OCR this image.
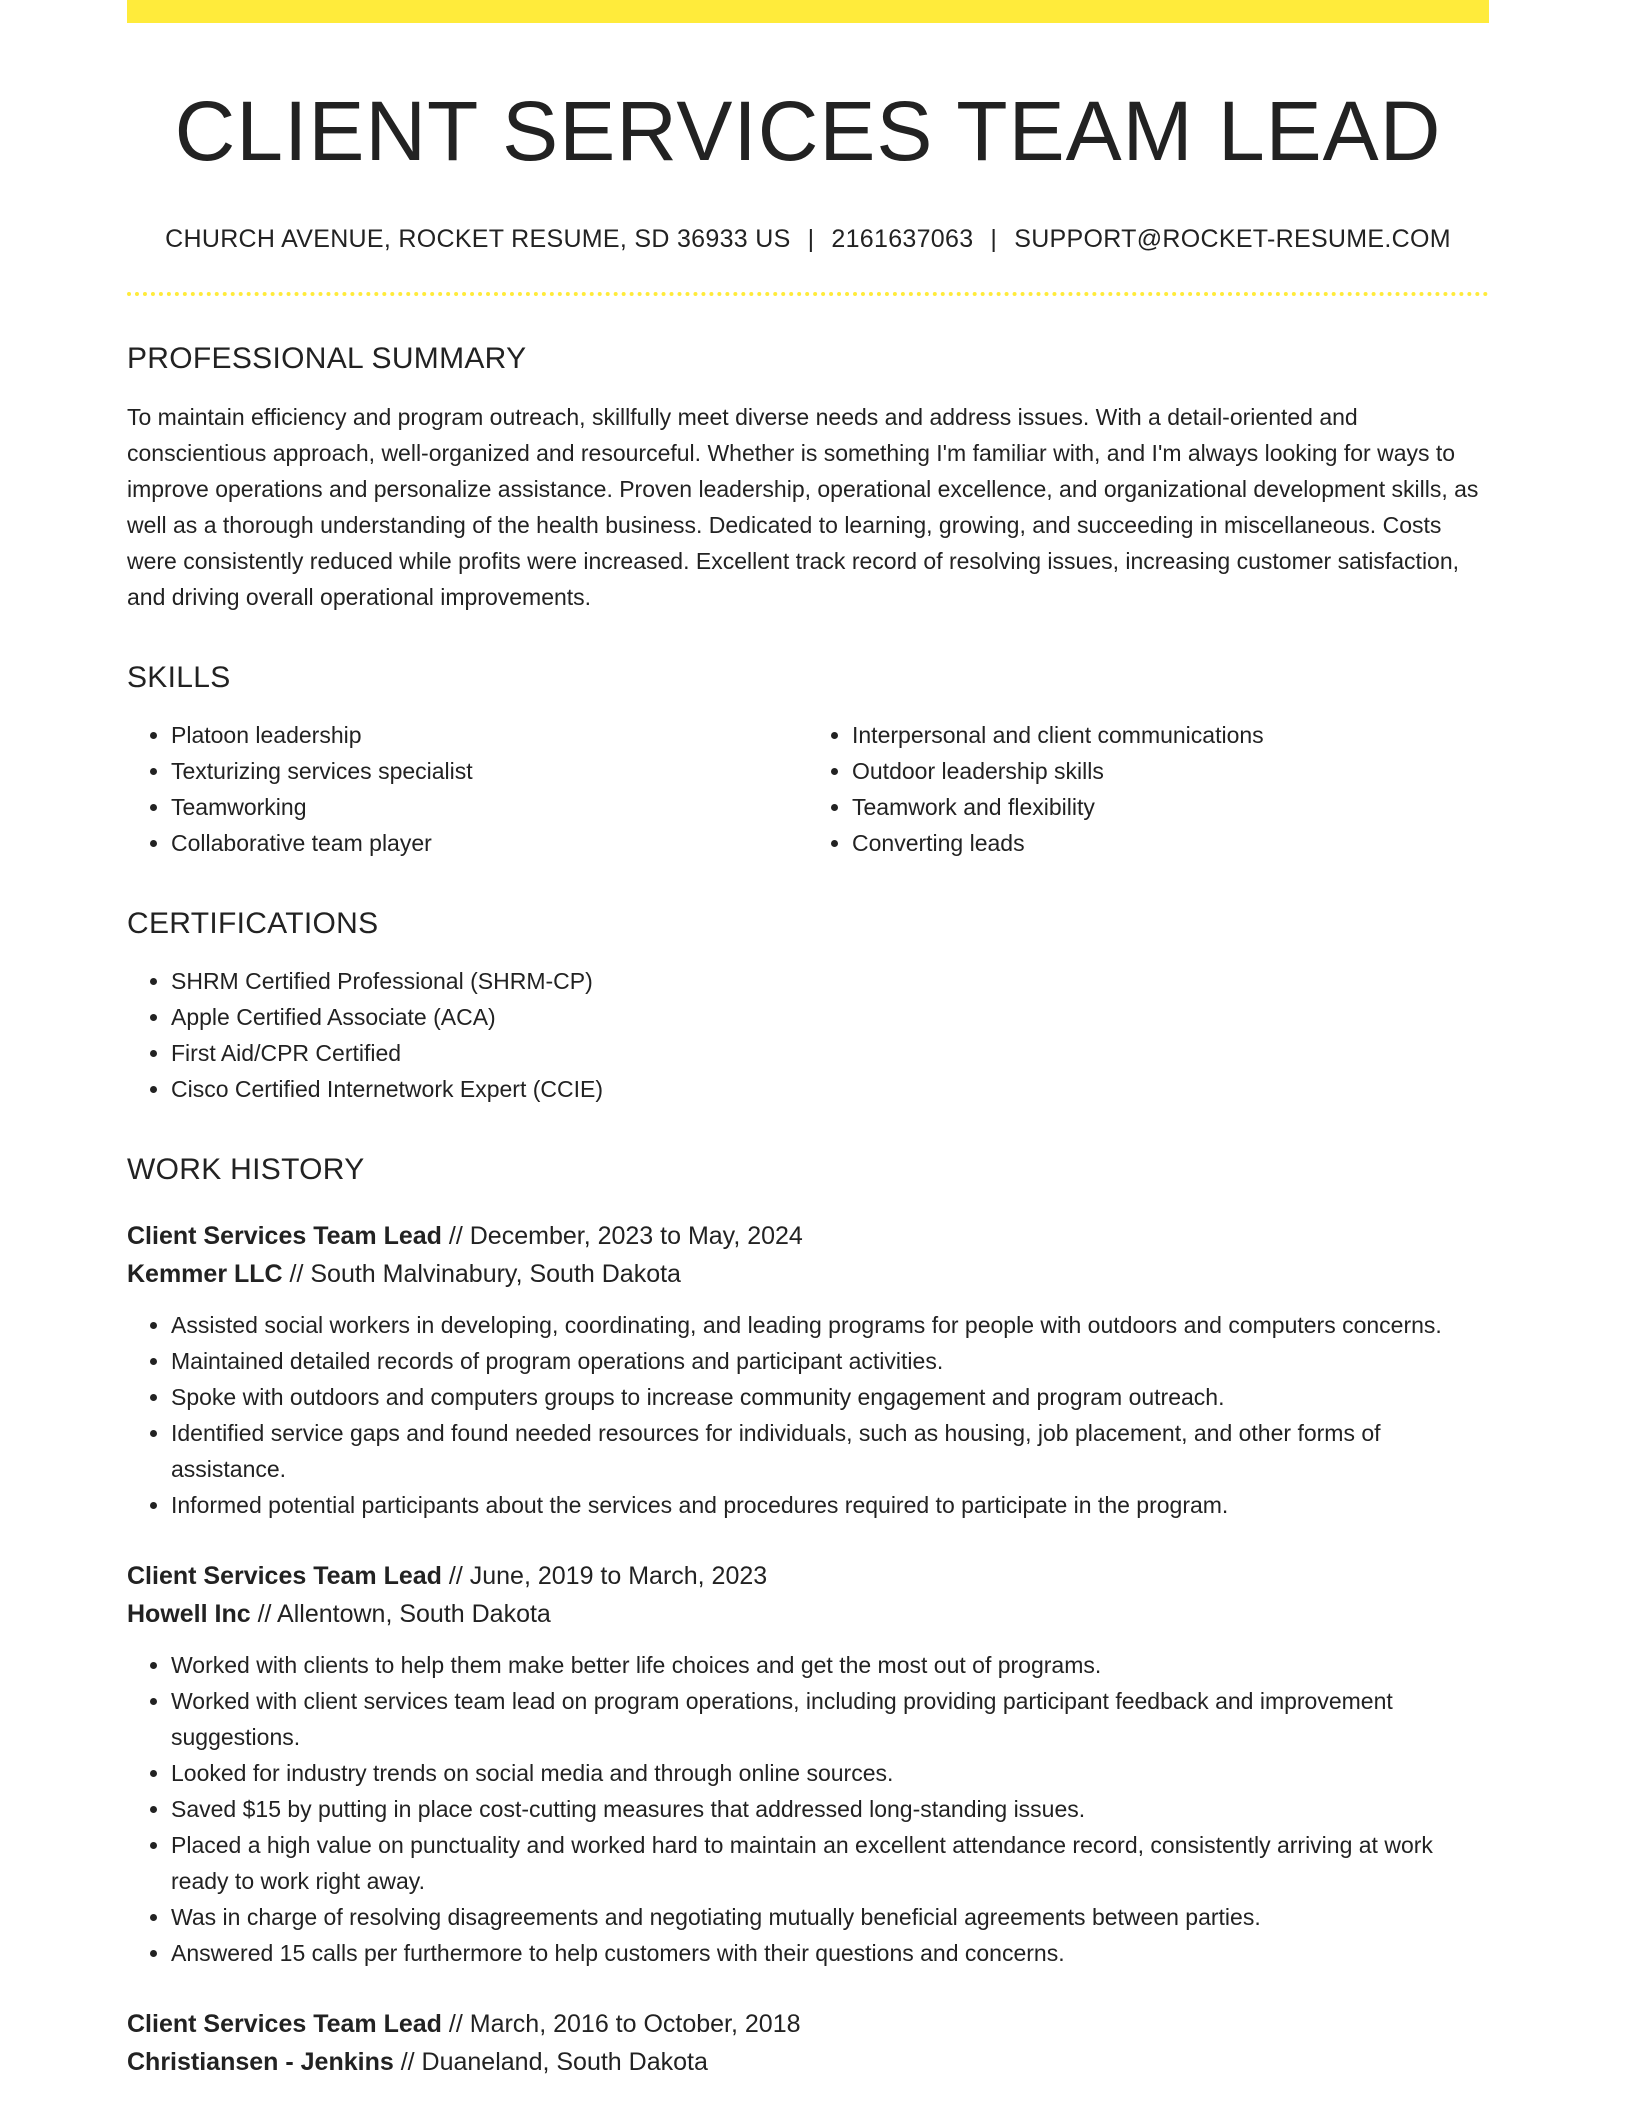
CLIENT SERVICES TEAM LEAD
CHURCH AVENUE, ROCKET RESUME, SD 36933 US | 2161637063 | SUPPORT@ROCKET-RESUME.COM
PROFESSIONAL SUMMARY
To maintain efficiency and program outreach, skillfully meet diverse needs and address issues. With a detail-oriented and conscientious approach, well-organized and resourceful. Whether is something I'm familiar with, and I'm always looking for ways to improve operations and personalize assistance. Proven leadership, operational excellence, and organizational development skills, as well as a thorough understanding of the health business. Dedicated to learning, growing, and succeeding in miscellaneous. Costs were consistently reduced while profits were increased. Excellent track record of resolving issues, increasing customer satisfaction, and driving overall operational improvements.
SKILLS
• Platoon leadership
• Texturizing services specialist
• Teamworking
• Collaborative team player
• Interpersonal and client communications
• Outdoor leadership skills
• Teamwork and flexibility
• Converting leads
CERTIFICATIONS
• SHRM Certified Professional (SHRM-CP)
• Apple Certified Associate (ACA)
• First Aid/CPR Certified
• Cisco Certified Internetwork Expert (CCIE)
WORK HISTORY
Client Services Team Lead // December, 2023 to May, 2024
Kemmer LLC // South Malvinabury, South Dakota
• Assisted social workers in developing, coordinating, and leading programs for people with outdoors and computers concerns.
• Maintained detailed records of program operations and participant activities.
• Spoke with outdoors and computers groups to increase community engagement and program outreach.
• Identified service gaps and found needed resources for individuals, such as housing, job placement, and other forms of assistance.
• Informed potential participants about the services and procedures required to participate in the program.
Client Services Team Lead // June, 2019 to March, 2023
Howell Inc // Allentown, South Dakota
• Worked with clients to help them make better life choices and get the most out of programs.
• Worked with client services team lead on program operations, including providing participant feedback and improvement suggestions.
• Looked for industry trends on social media and through online sources.
• Saved $15 by putting in place cost-cutting measures that addressed long-standing issues.
• Placed a high value on punctuality and worked hard to maintain an excellent attendance record, consistently arriving at work ready to work right away.
• Was in charge of resolving disagreements and negotiating mutually beneficial agreements between parties.
• Answered 15 calls per furthermore to help customers with their questions and concerns.
Client Services Team Lead // March, 2016 to October, 2018
Christiansen - Jenkins // Duaneland, South Dakota
